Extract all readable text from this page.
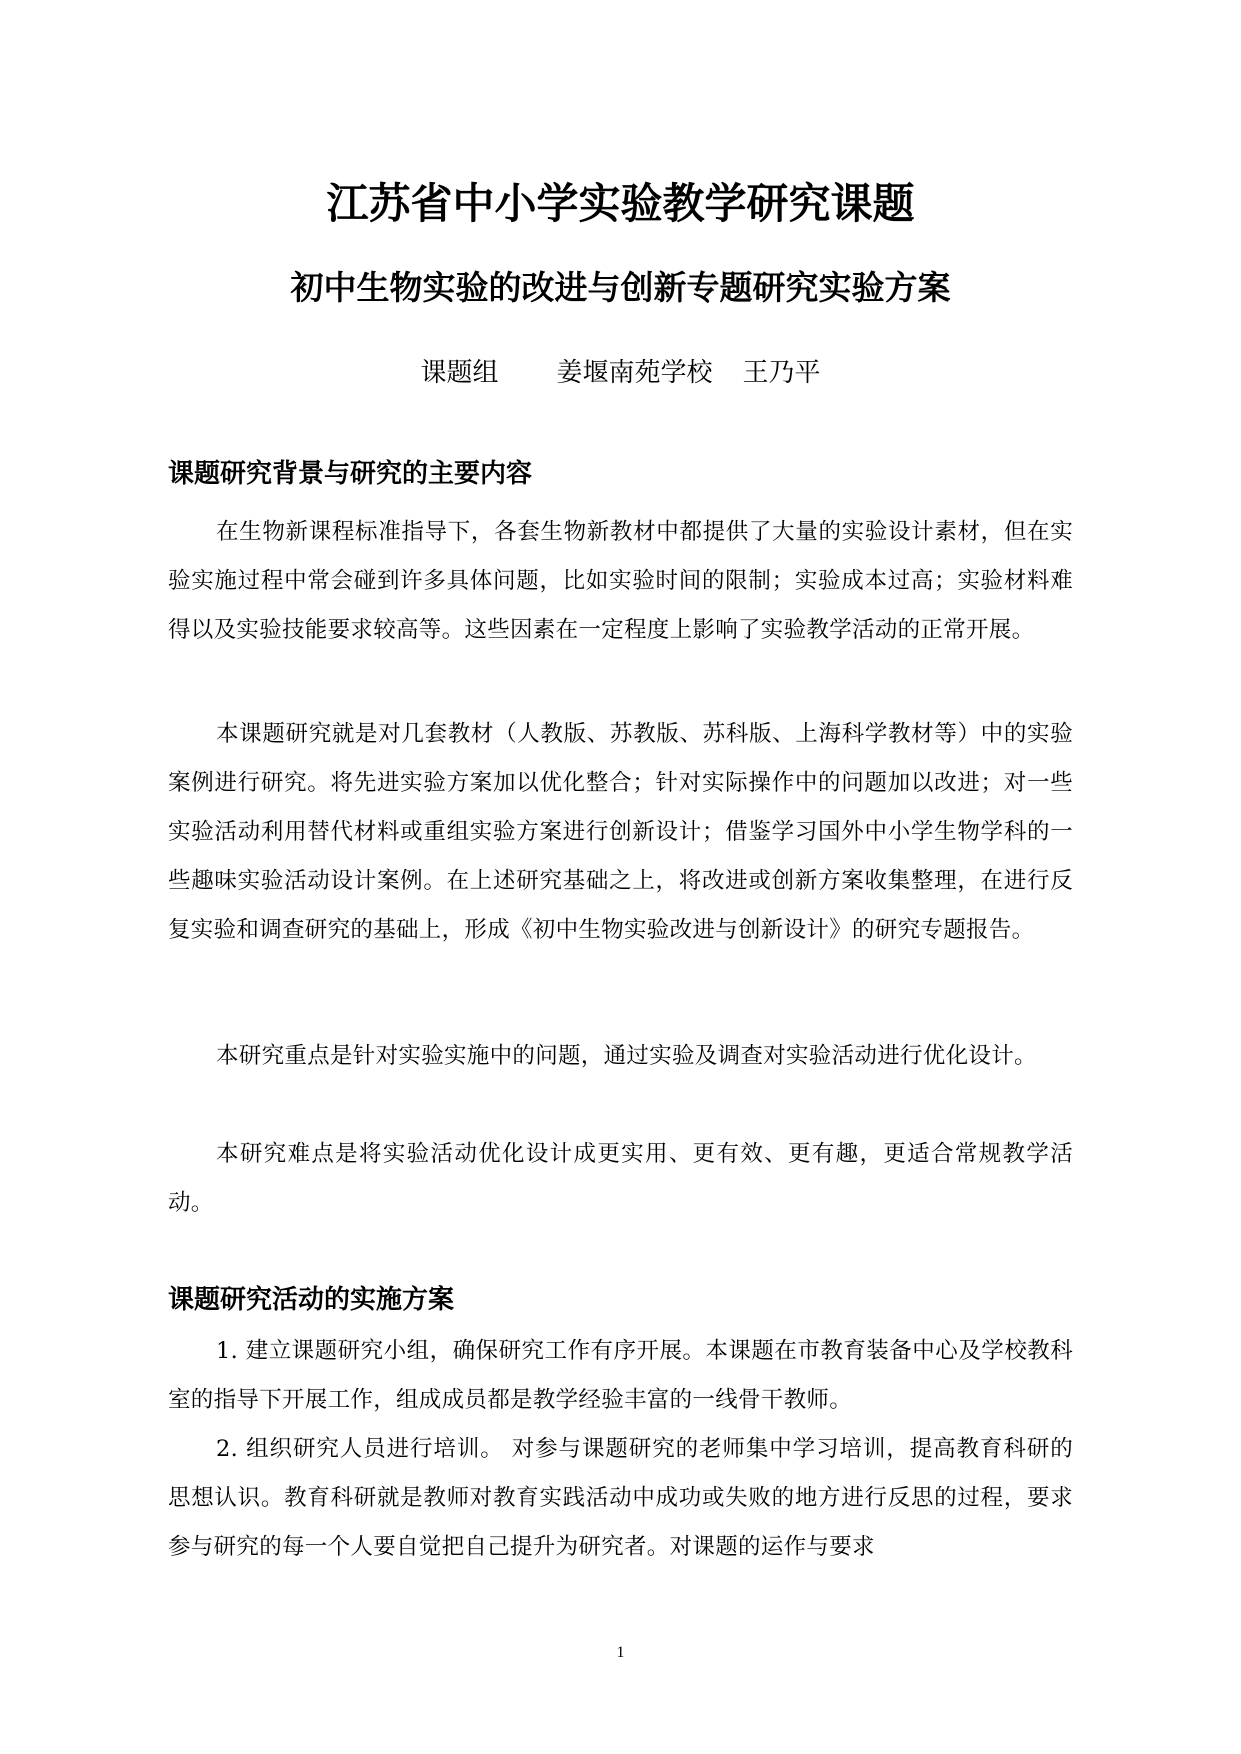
江苏省中小学实验教学研究课题
初中生物实验的改进与创新专题研究实验方案
课题组 姜堰南苑学校 王乃平
课题研究背景与研究的主要内容

在生物新课程标准指导下，各套生物新教材中都提供了大量的实验设计素材，但在实验实施过程中常会碰到许多具体问题，比如实验时间的限制；实验成本过高；实验材料难得以及实验技能要求较高等。这些因素在一定程度上影响了实验教学活动的正常开展。

本课题研究就是对几套教材（人教版、苏教版、苏科版、上海科学教材等）中的实验案例进行研究。将先进实验方案加以优化整合；针对实际操作中的问题加以改进；对一些实验活动利用替代材料或重组实验方案进行创新设计；借鉴学习国外中小学生物学科的一些趣味实验活动设计案例。在上述研究基础之上，将改进或创新方案收集整理，在进行反复实验和调查研究的基础上，形成《初中生物实验改进与创新设计》的研究专题报告。

本研究重点是针对实验实施中的问题，通过实验及调查对实验活动进行优化设计。

本研究难点是将实验活动优化设计成更实用、更有效、更有趣，更适合常规教学活动。

课题研究活动的实施方案

1. 建立课题研究小组，确保研究工作有序开展。本课题在市教育装备中心及学校教科室的指导下开展工作，组成成员都是教学经验丰富的一线骨干教师。

2. 组织研究人员进行培训。 对参与课题研究的老师集中学习培训，提高教育科研的思想认识。教育科研就是教师对教育实践活动中成功或失败的地方进行反思的过程，要求参与研究的每一个人要自觉把自己提升为研究者。对课题的运作与要求

1
